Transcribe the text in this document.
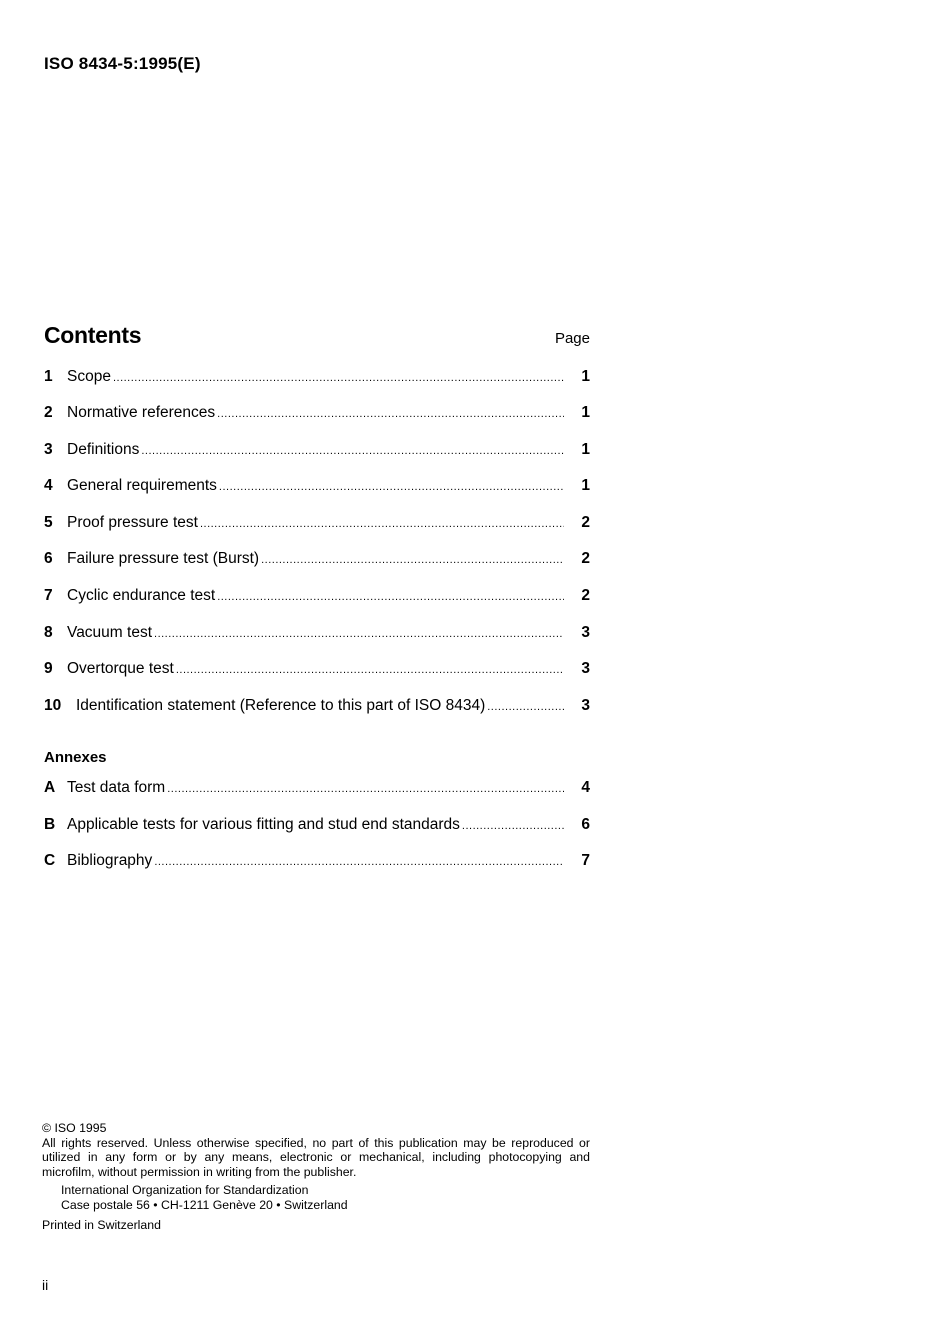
ISO 8434-5:1995(E)
Contents	Page
1 Scope .....	1
2 Normative references .....	1
3 Definitions .....	1
4 General requirements .....	1
5 Proof pressure test .....	2
6 Failure pressure test (Burst) .....	2
7 Cyclic endurance test .....	2
8 Vacuum test .....	3
9 Overtorque test .....	3
10 Identification statement (Reference to this part of ISO 8434) .....	3
A Test data form .....	4
B Applicable tests for various fitting and stud end standards .....	6
C Bibliography .....	7
Annexes
© ISO 1995
All rights reserved. Unless otherwise specified, no part of this publication may be reproduced or utilized in any form or by any means, electronic or mechanical, including photocopying and microfilm, without permission in writing from the publisher.
International Organization for Standardization
Case postale 56 • CH-1211 Genève 20 • Switzerland
Printed in Switzerland
ii
